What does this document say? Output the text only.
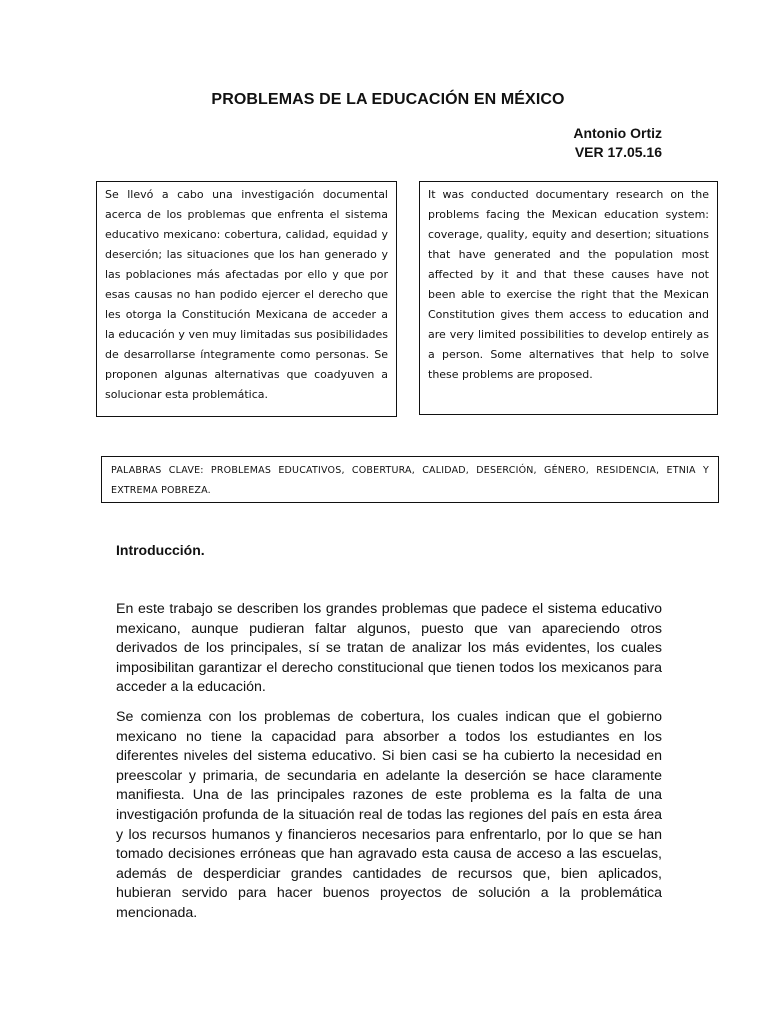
PROBLEMAS DE LA EDUCACIÓN EN MÉXICO
Antonio Ortiz
VER 17.05.16
Se llevó a cabo una investigación documental acerca de los problemas que enfrenta el sistema educativo mexicano: cobertura, calidad, equidad y deserción; las situaciones que los han generado y las poblaciones más afectadas por ello y que por esas causas no han podido ejercer el derecho que les otorga la Constitución Mexicana de acceder a la educación y ven muy limitadas sus posibilidades de desarrollarse íntegramente como personas. Se proponen algunas alternativas que coadyuven a solucionar esta problemática.
It was conducted documentary research on the problems facing the Mexican education system: coverage, quality, equity and desertion; situations that have generated and the population most affected by it and that these causes have not been able to exercise the right that the Mexican Constitution gives them access to education and are very limited possibilities to develop entirely as a person. Some alternatives that help to solve these problems are proposed.
PALABRAS CLAVE: PROBLEMAS EDUCATIVOS, COBERTURA, CALIDAD, DESERCIÓN, GÉNERO, RESIDENCIA, ETNIA Y EXTREMA POBREZA.
Introducción.

En este trabajo se describen los grandes problemas que padece el sistema educativo mexicano, aunque pudieran faltar algunos, puesto que van apareciendo otros derivados de los principales, sí se tratan de analizar los más evidentes, los cuales imposibilitan garantizar el derecho constitucional que tienen todos los mexicanos para acceder a la educación.

Se comienza con los problemas de cobertura, los cuales indican que el gobierno mexicano no tiene la capacidad para absorber a todos los estudiantes en los diferentes niveles del sistema educativo. Si bien casi se ha cubierto la necesidad en preescolar y primaria, de secundaria en adelante la deserción se hace claramente manifiesta. Una de las principales razones de este problema es la falta de una investigación profunda de la situación real de todas las regiones del país en esta área y los recursos humanos y financieros necesarios para enfrentarlo, por lo que se han tomado decisiones erróneas que han agravado esta causa de acceso a las escuelas, además de desperdiciar grandes cantidades de recursos que, bien aplicados, hubieran servido para hacer buenos proyectos de solución a la problemática mencionada.
